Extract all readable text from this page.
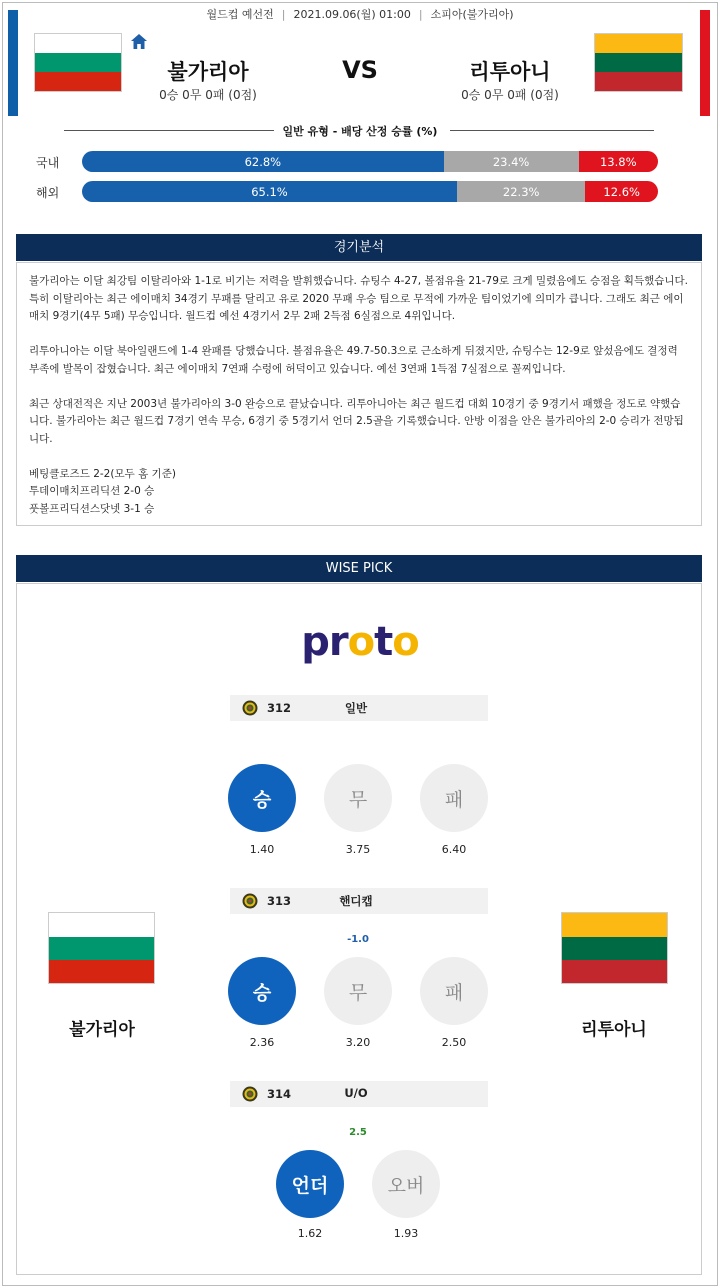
월드컵 예선전 | 2021.09.06(월) 01:00 | 소피아(불가리아)
불가리아
0승 0무 0패 (0점)
VS	리투아니
0승 0무 0패 (0점)
일반 유형 - 배당 산정 승률 (%)
국내	62.8%	23.4%	13.8%
해외	65.1%	22.3%	12.6%
경기분석

불가리아는 이달 최강팀 이탈리아와 1-1로 비기는 저력을 발휘했습니다. 슈팅수 4-27, 볼점유율 21-79로 크게 밀렸음에도 승점을 획득했습니다. 특히 이탈리아는 최근 에이매치 34경기 무패를 달리고 유로 2020 무패 우승 팀으로 무적에 가까운 팀이었기에 의미가 큽니다. 그래도 최근 에이매치 9경기(4무 5패) 무승입니다. 월드컵 예선 4경기서 2무 2패 2득점 6실점으로 4위입니다.

리투아니아는 이달 북아일랜드에 1-4 완패를 당했습니다. 볼점유율은 49.7-50.3으로 근소하게 뒤졌지만, 슈팅수는 12-9로 앞섰음에도 결정력 부족에 발목이 잡혔습니다. 최근 에이매치 7연패 수렁에 허덕이고 있습니다. 예선 3연패 1득점 7실점으로 꼴찌입니다.

최근 상대전적은 지난 2003년 불가리아의 3-0 완승으로 끝났습니다. 리투아니아는 최근 월드컵 대회 10경기 중 9경기서 패했을 정도로 약했습니다. 불가리아는 최근 월드컵 7경기 연속 무승, 6경기 중 5경기서 언더 2.5골을 기록했습니다. 안방 이점을 안은 불가리아의 2-0 승리가 전망됩니다.

베팅클로즈드 2-2(모두 홈 기준)

투데이매치프리딕션 2-0 승

풋볼프리딕션스닷넷 3-1 승

WISE PICK
proto
312	일반
승	무	패
1.40	3.75	6.40
313	핸디캡
-1.0
승	무	패
2.36	3.20	2.50
314	U/O
2.5
언더	오버
1.62	1.93
불가리아	리투아니
